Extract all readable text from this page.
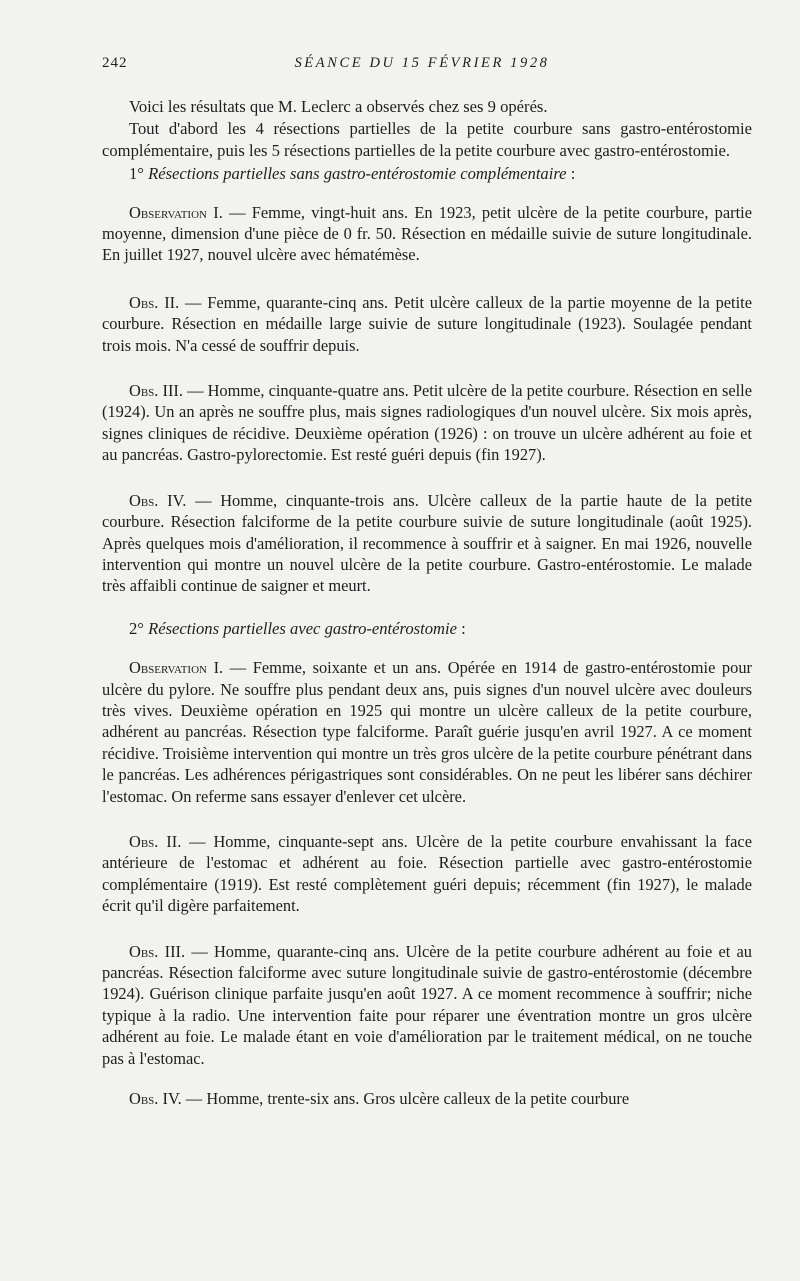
242	SÉANCE DU 15 FÉVRIER 1928

Voici les résultats que M. Leclerc a observés chez ses 9 opérés.

Tout d'abord les 4 résections partielles de la petite courbure sans gastro-entérostomie complémentaire, puis les 5 résections partielles de la petite courbure avec gastro-entérostomie.

1° Résections partielles sans gastro-entérostomie complémentaire :

Observation I. — Femme, vingt-huit ans. En 1923, petit ulcère de la petite courbure, partie moyenne, dimension d'une pièce de 0 fr. 50. Résection en médaille suivie de suture longitudinale. En juillet 1927, nouvel ulcère avec hématémèse.

Obs. II. — Femme, quarante-cinq ans. Petit ulcère calleux de la partie moyenne de la petite courbure. Résection en médaille large suivie de suture longitudinale (1923). Soulagée pendant trois mois. N'a cessé de souffrir depuis.

Obs. III. — Homme, cinquante-quatre ans. Petit ulcère de la petite courbure. Résection en selle (1924). Un an après ne souffre plus, mais signes radiologiques d'un nouvel ulcère. Six mois après, signes cliniques de récidive. Deuxième opération (1926) : on trouve un ulcère adhérent au foie et au pancréas. Gastro-pylorectomie. Est resté guéri depuis (fin 1927).

Obs. IV. — Homme, cinquante-trois ans. Ulcère calleux de la partie haute de la petite courbure. Résection falciforme de la petite courbure suivie de suture longitudinale (août 1925). Après quelques mois d'amélioration, il recommence à souffrir et à saigner. En mai 1926, nouvelle intervention qui montre un nouvel ulcère de la petite courbure. Gastro-entérostomie. Le malade très affaibli continue de saigner et meurt.

2° Résections partielles avec gastro-entérostomie :

Observation I. — Femme, soixante et un ans. Opérée en 1914 de gastro-entérostomie pour ulcère du pylore. Ne souffre plus pendant deux ans, puis signes d'un nouvel ulcère avec douleurs très vives. Deuxième opération en 1925 qui montre un ulcère calleux de la petite courbure, adhérent au pancréas. Résection type falciforme. Paraît guérie jusqu'en avril 1927. A ce moment récidive. Troisième intervention qui montre un très gros ulcère de la petite courbure pénétrant dans le pancréas. Les adhérences périgastriques sont considérables. On ne peut les libérer sans déchirer l'estomac. On referme sans essayer d'enlever cet ulcère.

Obs. II. — Homme, cinquante-sept ans. Ulcère de la petite courbure envahissant la face antérieure de l'estomac et adhérent au foie. Résection partielle avec gastro-entérostomie complémentaire (1919). Est resté complètement guéri depuis; récemment (fin 1927), le malade écrit qu'il digère parfaitement.

Obs. III. — Homme, quarante-cinq ans. Ulcère de la petite courbure adhérent au foie et au pancréas. Résection falciforme avec suture longitudinale suivie de gastro-entérostomie (décembre 1924). Guérison clinique parfaite jusqu'en août 1927. A ce moment recommence à souffrir; niche typique à la radio. Une intervention faite pour réparer une éventration montre un gros ulcère adhérent au foie. Le malade étant en voie d'amélioration par le traitement médical, on ne touche pas à l'estomac.

Obs. IV. — Homme, trente-six ans. Gros ulcère calleux de la petite courbure
